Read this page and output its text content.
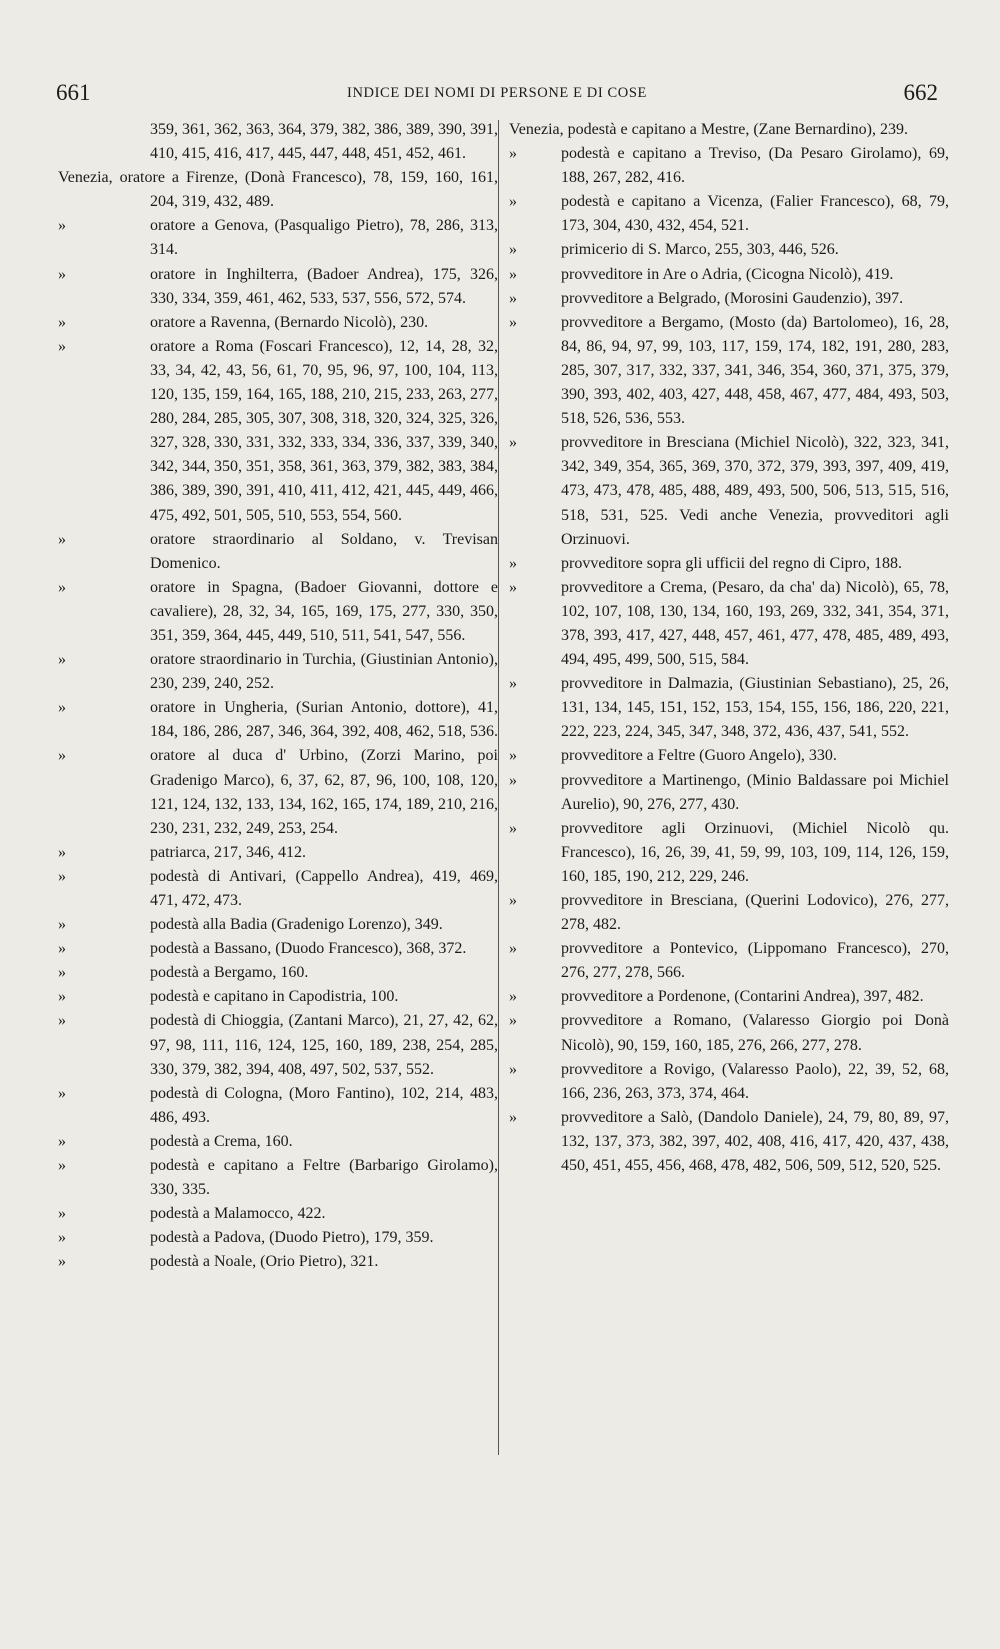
661	INDICE DEI NOMI DI PERSONE E DI COSE	662
359, 361, 362, 363, 364, 379, 382, 386, 389, 390, 391, 410, 415, 416, 417, 445, 447, 448, 451, 452, 461.
Venezia, oratore a Firenze, (Donà Francesco), 78, 159, 160, 161, 204, 319, 432, 489.
»	oratore a Genova, (Pasqualigo Pietro), 78, 286, 313, 314.
»	oratore in Inghilterra, (Badoer Andrea), 175, 326, 330, 334, 359, 461, 462, 533, 537, 556, 572, 574.
»	oratore a Ravenna, (Bernardo Nicolò), 230.
»	oratore a Roma (Foscari Francesco), 12, 14, 28, 32, 33, 34, 42, 43, 56, 61, 70, 95, 96, 97, 100, 104, 113, 120, 135, 159, 164, 165, 188, 210, 215, 233, 263, 277, 280, 284, 285, 305, 307, 308, 318, 320, 324, 325, 326, 327, 328, 330, 331, 332, 333, 334, 336, 337, 339, 340, 342, 344, 350, 351, 358, 361, 363, 379, 382, 383, 384, 386, 389, 390, 391, 410, 411, 412, 421, 445, 449, 466, 475, 492, 501, 505, 510, 553, 554, 560.
»	oratore straordinario al Soldano, v. Trevisan Domenico.
»	oratore in Spagna, (Badoer Giovanni, dottore e cavaliere), 28, 32, 34, 165, 169, 175, 277, 330, 350, 351, 359, 364, 445, 449, 510, 511, 541, 547, 556.
»	oratore straordinario in Turchia, (Giustinian Antonio), 230, 239, 240, 252.
»	oratore in Ungheria, (Surian Antonio, dottore), 41, 184, 186, 286, 287, 346, 364, 392, 408, 462, 518, 536.
»	oratore al duca d' Urbino, (Zorzi Marino, poi Gradenigo Marco), 6, 37, 62, 87, 96, 100, 108, 120, 121, 124, 132, 133, 134, 162, 165, 174, 189, 210, 216, 230, 231, 232, 249, 253, 254.
»	patriarca, 217, 346, 412.
»	podestà di Antivari, (Cappello Andrea), 419, 469, 471, 472, 473.
»	podestà alla Badia (Gradenigo Lorenzo), 349.
»	podestà a Bassano, (Duodo Francesco), 368, 372.
»	podestà a Bergamo, 160.
»	podestà e capitano in Capodistria, 100.
»	podestà di Chioggia, (Zantani Marco), 21, 27, 42, 62, 97, 98, 111, 116, 124, 125, 160, 189, 238, 254, 285, 330, 379, 382, 394, 408, 497, 502, 537, 552.
»	podestà di Cologna, (Moro Fantino), 102, 214, 483, 486, 493.
»	podestà a Crema, 160.
»	podestà e capitano a Feltre (Barbarigo Girolamo), 330, 335.
»	podestà a Malamocco, 422.
»	podestà a Padova, (Duodo Pietro), 179, 359.
»	podestà a Noale, (Orio Pietro), 321.
Venezia, podestà e capitano a Mestre, (Zane Bernardino), 239.
»	podestà e capitano a Treviso, (Da Pesaro Girolamo), 69, 188, 267, 282, 416.
»	podestà e capitano a Vicenza, (Falier Francesco), 68, 79, 173, 304, 430, 432, 454, 521.
»	primicerio di S. Marco, 255, 303, 446, 526.
»	provveditore in Are o Adria, (Cicogna Nicolò), 419.
»	provveditore a Belgrado, (Morosini Gaudenzio), 397.
»	provveditore a Bergamo, (Mosto (da) Bartolomeo), 16, 28, 84, 86, 94, 97, 99, 103, 117, 159, 174, 182, 191, 280, 283, 285, 307, 317, 332, 337, 341, 346, 354, 360, 371, 375, 379, 390, 393, 402, 403, 427, 448, 458, 467, 477, 484, 493, 503, 518, 526, 536, 553.
»	provveditore in Bresciana (Michiel Nicolò), 322, 323, 341, 342, 349, 354, 365, 369, 370, 372, 379, 393, 397, 409, 419, 473, 473, 478, 485, 488, 489, 493, 500, 506, 513, 515, 516, 518, 531, 525. Vedi anche Venezia, provveditori agli Orzinuovi.
»	provveditore sopra gli ufficii del regno di Cipro, 188.
»	provveditore a Crema, (Pesaro, da cha' da) Nicolò), 65, 78, 102, 107, 108, 130, 134, 160, 193, 269, 332, 341, 354, 371, 378, 393, 417, 427, 448, 457, 461, 477, 478, 485, 489, 493, 494, 495, 499, 500, 515, 584.
»	provveditore in Dalmazia, (Giustinian Sebastiano), 25, 26, 131, 134, 145, 151, 152, 153, 154, 155, 156, 186, 220, 221, 222, 223, 224, 345, 347, 348, 372, 436, 437, 541, 552.
»	provveditore a Feltre (Guoro Angelo), 330.
»	provveditore a Martinengo, (Minio Baldassare poi Michiel Aurelio), 90, 276, 277, 430.
»	provveditore agli Orzinuovi, (Michiel Nicolò qu. Francesco), 16, 26, 39, 41, 59, 99, 103, 109, 114, 126, 159, 160, 185, 190, 212, 229, 246.
»	provveditore in Bresciana, (Querini Lodovico), 276, 277, 278, 482.
»	provveditore a Pontevico, (Lippomano Francesco), 270, 276, 277, 278, 566.
»	provveditore a Pordenone, (Contarini Andrea), 397, 482.
»	provveditore a Romano, (Valaresso Giorgio poi Donà Nicolò), 90, 159, 160, 185, 276, 266, 277, 278.
»	provveditore a Rovigo, (Valaresso Paolo), 22, 39, 52, 68, 166, 236, 263, 373, 374, 464.
»	provveditore a Salò, (Dandolo Daniele), 24, 79, 80, 89, 97, 132, 137, 373, 382, 397, 402, 408, 416, 417, 420, 437, 438, 450, 451, 455, 456, 468, 478, 482, 506, 509, 512, 520, 525.
